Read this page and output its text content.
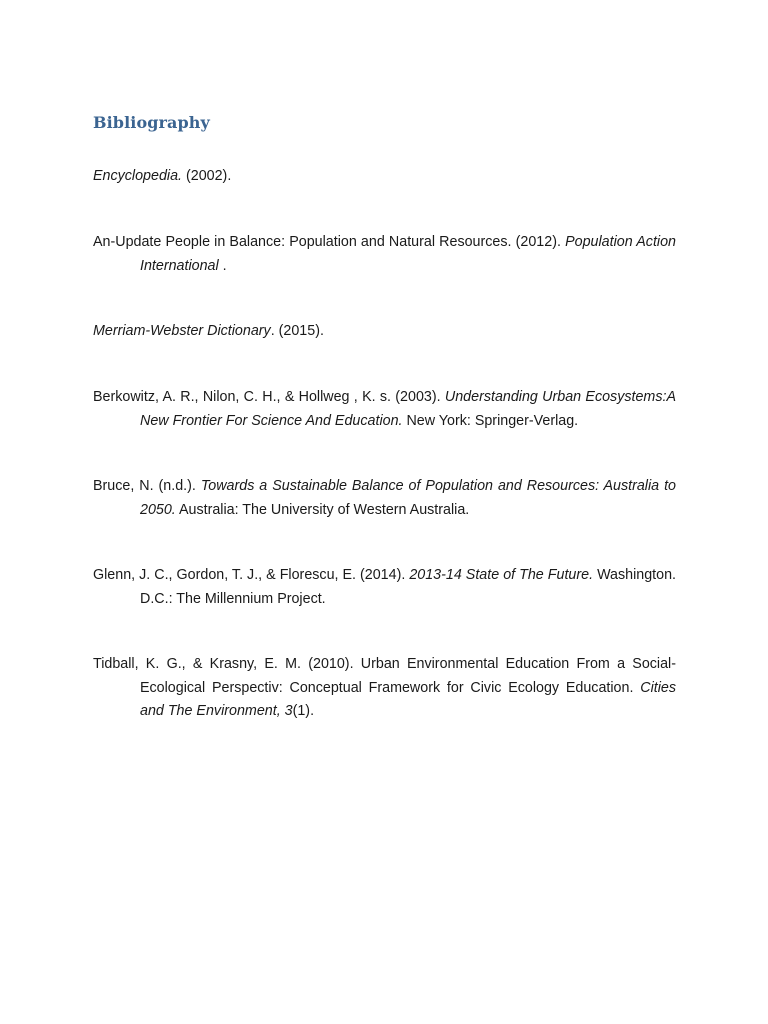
Bibliography

Encyclopedia. (2002).

An-Update People in Balance: Population and Natural Resources. (2012). Population Action International .

Merriam-Webster Dictionary. (2015).

Berkowitz, A. R., Nilon, C. H., & Hollweg , K. s. (2003). Understanding Urban Ecosystems:A New Frontier For Science And Education. New York: Springer-Verlag.

Bruce, N. (n.d.). Towards a Sustainable Balance of Population and Resources: Australia to 2050. Australia: The University of Western Australia.

Glenn, J. C., Gordon, T. J., & Florescu, E. (2014). 2013-14 State of The Future. Washington. D.C.: The Millennium Project.

Tidball, K. G., & Krasny, E. M. (2010). Urban Environmental Education From a Social-Ecological Perspectiv: Conceptual Framework for Civic Ecology Education. Cities and The Environment, 3(1).
